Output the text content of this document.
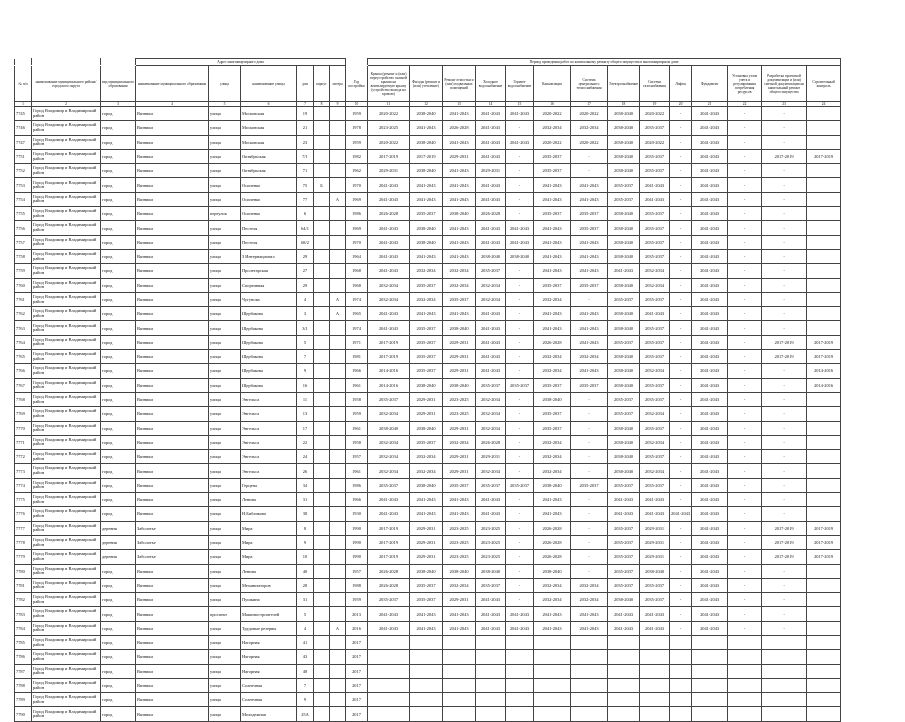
			Адрес многоквартирного дома							Период проведения работ по капитальному ремонту общего имущества в многоквартирном доме													
№ п/п	наименование муниципального района/городского округа	вид муниципального образования	наименование муниципального образования	улица	наименование улицы	дом	корпус	литера	Год постройки	Крыша (ремонт и (или) переустройство скатной крыши на вентилируемую крышу (устройство выхода на кровлю)	Фасады (ремонт и (или) утепление)	Ремонт отмостки и (или) подвальных помещений	Холодное водоснабжение	Горячее водоснабжение	Канализация	Система центрального теплоснабжения	Электроснабжение	Система газоснабжения	Лифты	Фундамент	Установка узлов учета и регулирования потребления ресурсов	Разработка проектной документации и (или) сметной документации на капитальный ремонт общего имущества	Строительный контроль
1	2	3	4	5	6	7	8	9	10	11	12	13	14	15	16	17	18	19	20	21	22	23	24
7745	Город Владимир и Владимирский район	город	Вязники	улица	Московская	19			1959	2020-2022	2038-2040	2041-2043	2041-2043	2041-2043	2020-2022	2020-2022	2038-2040	2020-2022	-	2041-2043	-	-	
7746	Город Владимир и Владимирский район	город	Вязники	улица	Московская	21			1978	2023-2025	2041-2043	2026-2028	2041-2043	-	2032-2034	2032-2034	2038-2040	2035-2037	-	2041-2043	-	-	
7747	Город Владимир и Владимирский район	город	Вязники	улица	Московская	23			1959	2020-2022	2038-2040	2041-2043	2041-2043	2041-2043	2020-2022	2020-2022	2038-2040	2020-2022	-	2041-2043	-	-	
7751	Город Владимир и Владимирский район	город	Вязники	улица	Октябрьская	7/1			1982	2017-2019	2017-2019	2029-2031	2041-2043	-	2035-2037	-	2038-2040	2035-2037	-	2041-2043	-	2017-2019	2017-2019
7752	Город Владимир и Владимирский район	город	Вязники	улица	Октябрьская	71			1962	2029-2031	2038-2040	2041-2043	2029-2031	-	2035-2037	-	2038-2040	2035-2037	-	2041-2043	-	-	
7753	Город Владимир и Владимирский район	город	Вязники	улица	Осипенко	75	Б		1970	2041-2043	2041-2043	2041-2043	2041-2043	-	2041-2043	2041-2043	2035-2037	2041-2043	-	2041-2043	-	-	
7754	Город Владимир и Владимирский район	город	Вязники	улица	Осипенко	77		А	1969	2041-2043	2041-2043	2041-2043	2041-2043	-	2041-2043	2041-2043	2035-2037	2041-2043	-	2041-2043	-	-	
7755	Город Владимир и Владимирский район	город	Вязники	переулок	Осипенко	6			1986	2026-2028	2035-2037	2038-2040	2026-2028	-	2035-2037	2035-2037	2038-2040	2035-2037	-	2041-2043	-	-	
7756	Город Владимир и Владимирский район	город	Вязники	улица	Пестеля	64/1			1969	2041-2043	2038-2040	2041-2043	2041-2043	2041-2043	2041-2043	2035-2037	2038-2040	2035-2037	-	2041-2043	-	-	
7757	Город Владимир и Владимирский район	город	Вязники	улица	Пестеля	68/2			1970	2041-2043	2038-2040	2041-2043	2041-2043	2041-2043	2041-2043	2041-2043	2038-2040	2035-2037	-	2041-2043	-	-	
7758	Город Владимир и Владимирский район	город	Вязники	улица	3 Интернационал	29			1964	2041-2043	2041-2043	2041-2043	2038-2040	2038-2040	2041-2043	2041-2043	2038-2040	2035-2037	-	2041-2043	-	-	
7759	Город Владимир и Владимирский район	город	Вязники	улица	Пролетарская	27			1968	2041-2043	2032-2034	2032-2034	2035-2037	-	2041-2043	2041-2043	2041-2043	2032-2034	-	2041-2043	-	-	
7760	Город Владимир и Владимирский район	город	Вязники	улица	Спортивная	29			1968	2032-2034	2035-2037	2032-2034	2032-2034	-	2035-2037	2035-2037	2038-2040	2032-2034	-	2041-2043	-	-	
7761	Город Владимир и Владимирский район	город	Вязники	улица	Чугунова	4		А	1974	2032-2034	2032-2034	2035-2037	2032-2034	-	2032-2034	-	2035-2037	2035-2037	-	2041-2043	-	-	
7762	Город Владимир и Владимирский район	город	Вязники	улица	Щербакова	3		А	1965	2041-2043	2041-2043	2041-2043	2041-2043	-	2041-2043	2041-2043	2038-2040	2041-2043	-	2041-2043	-	-	
7763	Город Владимир и Владимирский район	город	Вязники	улица	Щербакова	3/1			1974	2041-2043	2035-2037	2038-2040	2041-2043	-	2041-2043	2041-2043	2038-2040	2035-2037	-	2041-2043	-	-	
7764	Город Владимир и Владимирский район	город	Вязники	улица	Щербакова	5			1971	2017-2019	2035-2037	2029-2031	2041-2043	-	2026-2028	2041-2043	2035-2037	2035-2037	-	2041-2043	-	2017-2019	2017-2019
7765	Город Владимир и Владимирский район	город	Вязники	улица	Щербакова	7			1981	2017-2019	2035-2037	2029-2031	2041-2043	-	2032-2034	2032-2034	2038-2040	2035-2037	-	2041-2043	-	2017-2019	2017-2019
7766	Город Владимир и Владимирский район	город	Вязники	улица	Щербакова	9			1966	2014-2016	2035-2037	2029-2031	2041-2043	-	2032-2034	2041-2043	2038-2040	2032-2034	-	2041-2043	-	-	2014-2016
7767	Город Владимир и Владимирский район	город	Вязники	улица	Щербакова	16			1961	2014-2016	2038-2040	2038-2040	2035-2037	2035-2037	2035-2037	2035-2037	2038-2040	2035-2037	-	2041-2043	-	-	2014-2016
7768	Город Владимир и Владимирский район	город	Вязники	улица	Энгельса	11			1958	2035-2037	2029-2031	2023-2025	2032-2034	-	2038-2040	-	2035-2037	2035-2037	-	2041-2043	-	-	
7769	Город Владимир и Владимирский район	город	Вязники	улица	Энгельса	13			1959	2032-2034	2029-2031	2023-2025	2032-2034	-	2035-2037	-	2035-2037	2032-2034	-	2041-2043	-	-	
7770	Город Владимир и Владимирский район	город	Вязники	улица	Энгельса	17			1961	2038-2040	2038-2040	2029-2031	2032-2034	-	2035-2037	-	2038-2040	2035-2037	-	2041-2043	-	-	
7771	Город Владимир и Владимирский район	город	Вязники	улица	Энгельса	22			1958	2032-2034	2035-2037	2032-2034	2026-2028	-	2032-2034	-	2038-2040	2032-2034	-	2041-2043	-	-	
7772	Город Владимир и Владимирский район	город	Вязники	улица	Энгельса	24			1957	2032-2034	2032-2034	2029-2031	2029-2031	-	2032-2034	-	2038-2040	2035-2037	-	2041-2043	-	-	
7773	Город Владимир и Владимирский район	город	Вязники	улица	Энгельса	26			1961	2032-2034	2032-2034	2029-2031	2032-2034	-	2032-2034	-	2038-2040	2032-2034	-	2041-2043	-	-	
7774	Город Владимир и Владимирский район	город	Вязники	улица	Герцена	34			1986	2035-2037	2038-2040	2035-2037	2035-2037	2035-2037	2038-2040	2035-2037	2035-2037	2035-2037	-	2041-2043	-	-	
7775	Город Владимир и Владимирский район	город	Вязники	улица	Ленина	31			1966	2041-2043	2041-2043	2041-2043	2041-2043	-	2041-2043	-	2041-2043	2041-2043	-	2041-2043	-	-	
7776	Город Владимир и Владимирский район	город	Вязники	улица	Н.Библикова	38			1930	2041-2043	2041-2043	2041-2043	2041-2043	-	2041-2043	-	2041-2043	2041-2043	2041-2043	2041-2043	-	-	
7777	Город Владимир и Владимирский район	деревня	Заболотье	улица	Мира	8			1990	2017-2019	2029-2031	2023-2025	2023-2025	-	2026-2028	-	2035-2037	2029-2031	-	2041-2043	-	2017-2019	2017-2019
7778	Город Владимир и Владимирский район	деревня	Заболотье	улица	Мира	9			1990	2017-2019	2029-2031	2023-2025	2023-2025	-	2026-2028	-	2035-2037	2029-2031	-	2041-2043	-	2017-2019	2017-2019
7779	Город Владимир и Владимирский район	деревня	Заболотье	улица	Мира	10			1990	2017-2019	2029-2031	2023-2025	2023-2025	-	2026-2028	-	2035-2037	2029-2031	-	2041-2043	-	2017-2019	2017-2019
7780	Город Владимир и Владимирский район	город	Вязники	улица	Ленина	40			1957	2026-2028	2038-2040	2038-2040	2038-2040	-	2038-2040	-	2035-2037	2038-2040	-	2041-2043	-	-	
7781	Город Владимир и Владимирский район	город	Вязники	улица	Механизаторов	28			1988	2026-2028	2035-2037	2032-2034	2035-2037	-	2032-2034	2032-2034	2035-2037	2035-2037	-	2041-2043	-	-	
7782	Город Владимир и Владимирский район	город	Вязники	улица	Пушкина	31			1959	2035-2037	2035-2037	2029-2031	2041-2043	-	2032-2034	2032-2034	2038-2040	2035-2037	-	2041-2043	-	-	
7783	Город Владимир и Владимирский район	город	Вязники	проспект	Машиностроителей	5			2013	2041-2043	2041-2043	2041-2043	2041-2043	2041-2043	2041-2043	2041-2043	2041-2043	2041-2043	-	2041-2043	-	-	
7784	Город Владимир и Владимирский район	город	Вязники	улица	Трудовые резервы	4		А	2016	2041-2043	2041-2043	2041-2043	2041-2043	2041-2043	2041-2043	2041-2043	2041-2043	2041-2043	-	2041-2043	-	-	
7785	Город Владимир и Владимирский район	город	Вязники	улица	Нагорная	41			2017														
7786	Город Владимир и Владимирский район	город	Вязники	улица	Нагорная	43			2017														
7787	Город Владимир и Владимирский район	город	Вязники	улица	Нагорная	48			2017														
7788	Город Владимир и Владимирский район	город	Вязники	улица	Солнечная	7			2017														
7789	Город Владимир и Владимирский район	город	Вязники	улица	Солнечная	9			2017														
7790	Город Владимир и Владимирский район	город	Вязники	улица	Молодежная	25А			2017														
